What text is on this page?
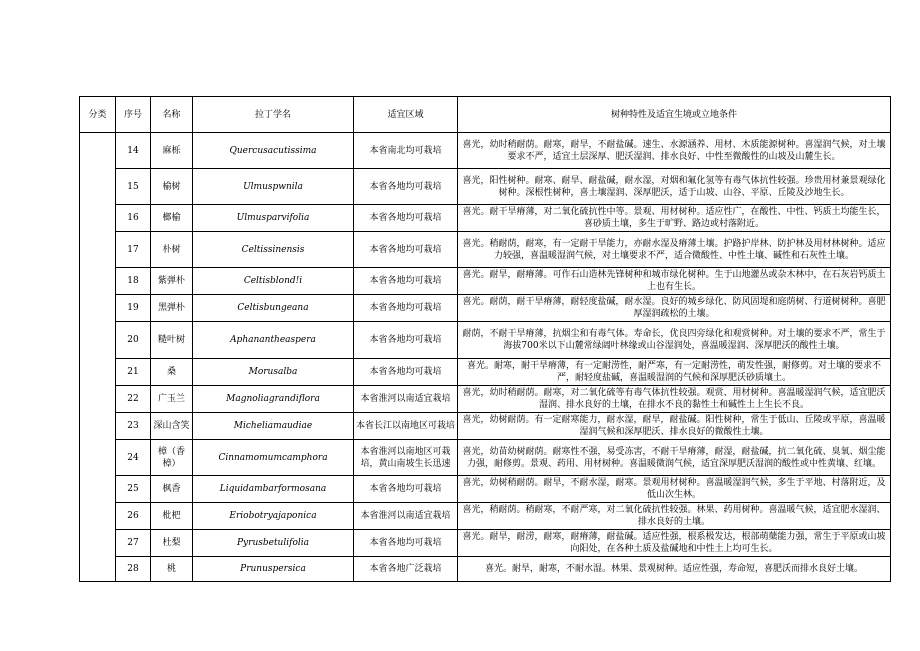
分类	序号	名称	拉丁学名	适宜区域	树种特性及适宜生境或立地条件
	14	麻栎	Quercusacutissima	本省南北均可栽培	喜光，幼时稍耐荫。耐寒，耐旱，不耐盐碱。速生、水源涵养、用材、木质能源树种。喜湿润气候，对土壤要求不严，适宜土层深厚、肥沃湿润、排水良好、中性至微酸性的山坡及山麓生长。
	15	榆树	Ulmuspwnila	本省各地均可栽培	喜光，阳性树种。耐寒、耐旱、耐盐碱，耐水湿，对烟和氟化氢等有毒气体抗性较强。珍贵用材兼景观绿化树种。深根性树种，喜土壤湿润、深厚肥沃，适于山坡、山谷、平原、丘陵及沙地生长。
	16	榔榆	Ulmusparvifolia	本省各地均可栽培	喜光。耐干旱瘠薄，对二氧化硫抗性中等。景观、用材树种。适应性广，在酸性、中性、钙质土均能生长，喜砂质土壤，多生于旷野、路边或村落附近。
	17	朴树	Celtissinensis	本省各地均可栽培	喜光。稍耐荫，耐寒，有一定耐干旱能力，亦耐水湿及瘠薄土壤。护路护岸林、防护林及用材林树种。适应力较强，喜温暖湿润气候，对土壤要求不严，适合微酸性、中性土壤、碱性和石灰性土壤。
	18	紫弹朴	Celtisblond!i	本省各地均可栽培	喜光。耐旱，耐瘠薄。可作石山造林先锋树种和城市绿化树种。生于山地灌丛或杂木林中，在石灰岩钙质土上也有生长。
	19	黑弹朴	Celtisbungeana	本省各地均可栽培	喜光。耐荫，耐干旱瘠薄，耐轻度盐碱，耐水湿。良好的城乡绿化、防风固堤和庭荫树、行道树树种。喜肥厚湿润疏松的土壤。
	20	糙叶树	Aphanantheaspera	本省各地均可栽培	耐荫，不耐干旱瘠薄，抗烟尘和有毒气体。寿命长，优良四旁绿化和观赏树种。对土壤的要求不严，常生于海拔700米以下山麓常绿阔叶林缘或山谷湿润处，喜温暖湿润、深厚肥沃的酸性土壤。
	21	桑	Morusalba	本省各地均可栽培	喜光。耐寒，耐干旱瘠薄，有一定耐涝性，耐严寒，有一定耐涝性，萌发性强，耐修剪。对土壤的要求不严，耐轻度盐碱，喜温暖湿润的气候和深厚肥沃砂质壤土。
	22	广玉兰	Magnoliagrandiflora	本省淮河以南适宜栽培	喜光，幼时稍耐荫。耐寒，对二氧化硫等有毒气体抗性较强。观赏、用材树种。喜温暖湿润气候，适宜肥沃湿润、排水良好的土壤，在排水不良的黏性土和碱性土上生长不良。
	23	深山含笑	Micheliamaudiae	本省长江以南地区可栽培	喜光，幼树耐荫。有一定耐寒能力，耐水湿，耐旱，耐盐碱。阳性树种，常生于低山、丘陵或平原，喜温暖湿润气候和深厚肥沃、排水良好的微酸性土壤。
	24	樟（香樟）	Cinnamomumcamphora	本省淮河以南地区可栽培，黄山南坡生长迅速	喜光，幼苗幼树耐荫。耐寒性不强，易受冻害，不耐干旱瘠薄，耐湿，耐盐碱，抗二氧化硫、臭氧、烟尘能力强，耐修剪。景观、药用、用材树种。喜温暖微润气候，适宜深厚肥沃湿润的酸性或中性黄壤、红壤。
	25	枫香	Liquidambarformosana	本省各地均可栽培	喜光，幼树稍耐荫。耐旱，不耐水湿，耐寒。景观用材树种。喜温暖湿润气候，多生于平地、村落附近，及低山次生林。
	26	枇杷	Eriobotryajaponica	本省淮河以南适宜栽培	喜光，稍耐荫。稍耐寒，不耐严寒，对二氧化硫抗性较强。林果、药用树种。喜温暖气候，适宜肥水湿润、排水良好的土壤。
	27	杜梨	Pyrusbetulifolia	本省各地均可栽培	喜光。耐旱，耐涝，耐寒，耐瘠薄，耐盐碱。适应性强，根系极发达，根部萌蘖能力强，常生于平原或山坡向阳处，在各种土质及盐碱地和中性土上均可生长。
	28	桃	Prunuspersica	本省各地广泛栽培	喜光。耐旱，耐寒，不耐水湿。林果、景观树种。适应性强，寿命短，喜肥沃而排水良好土壤。
